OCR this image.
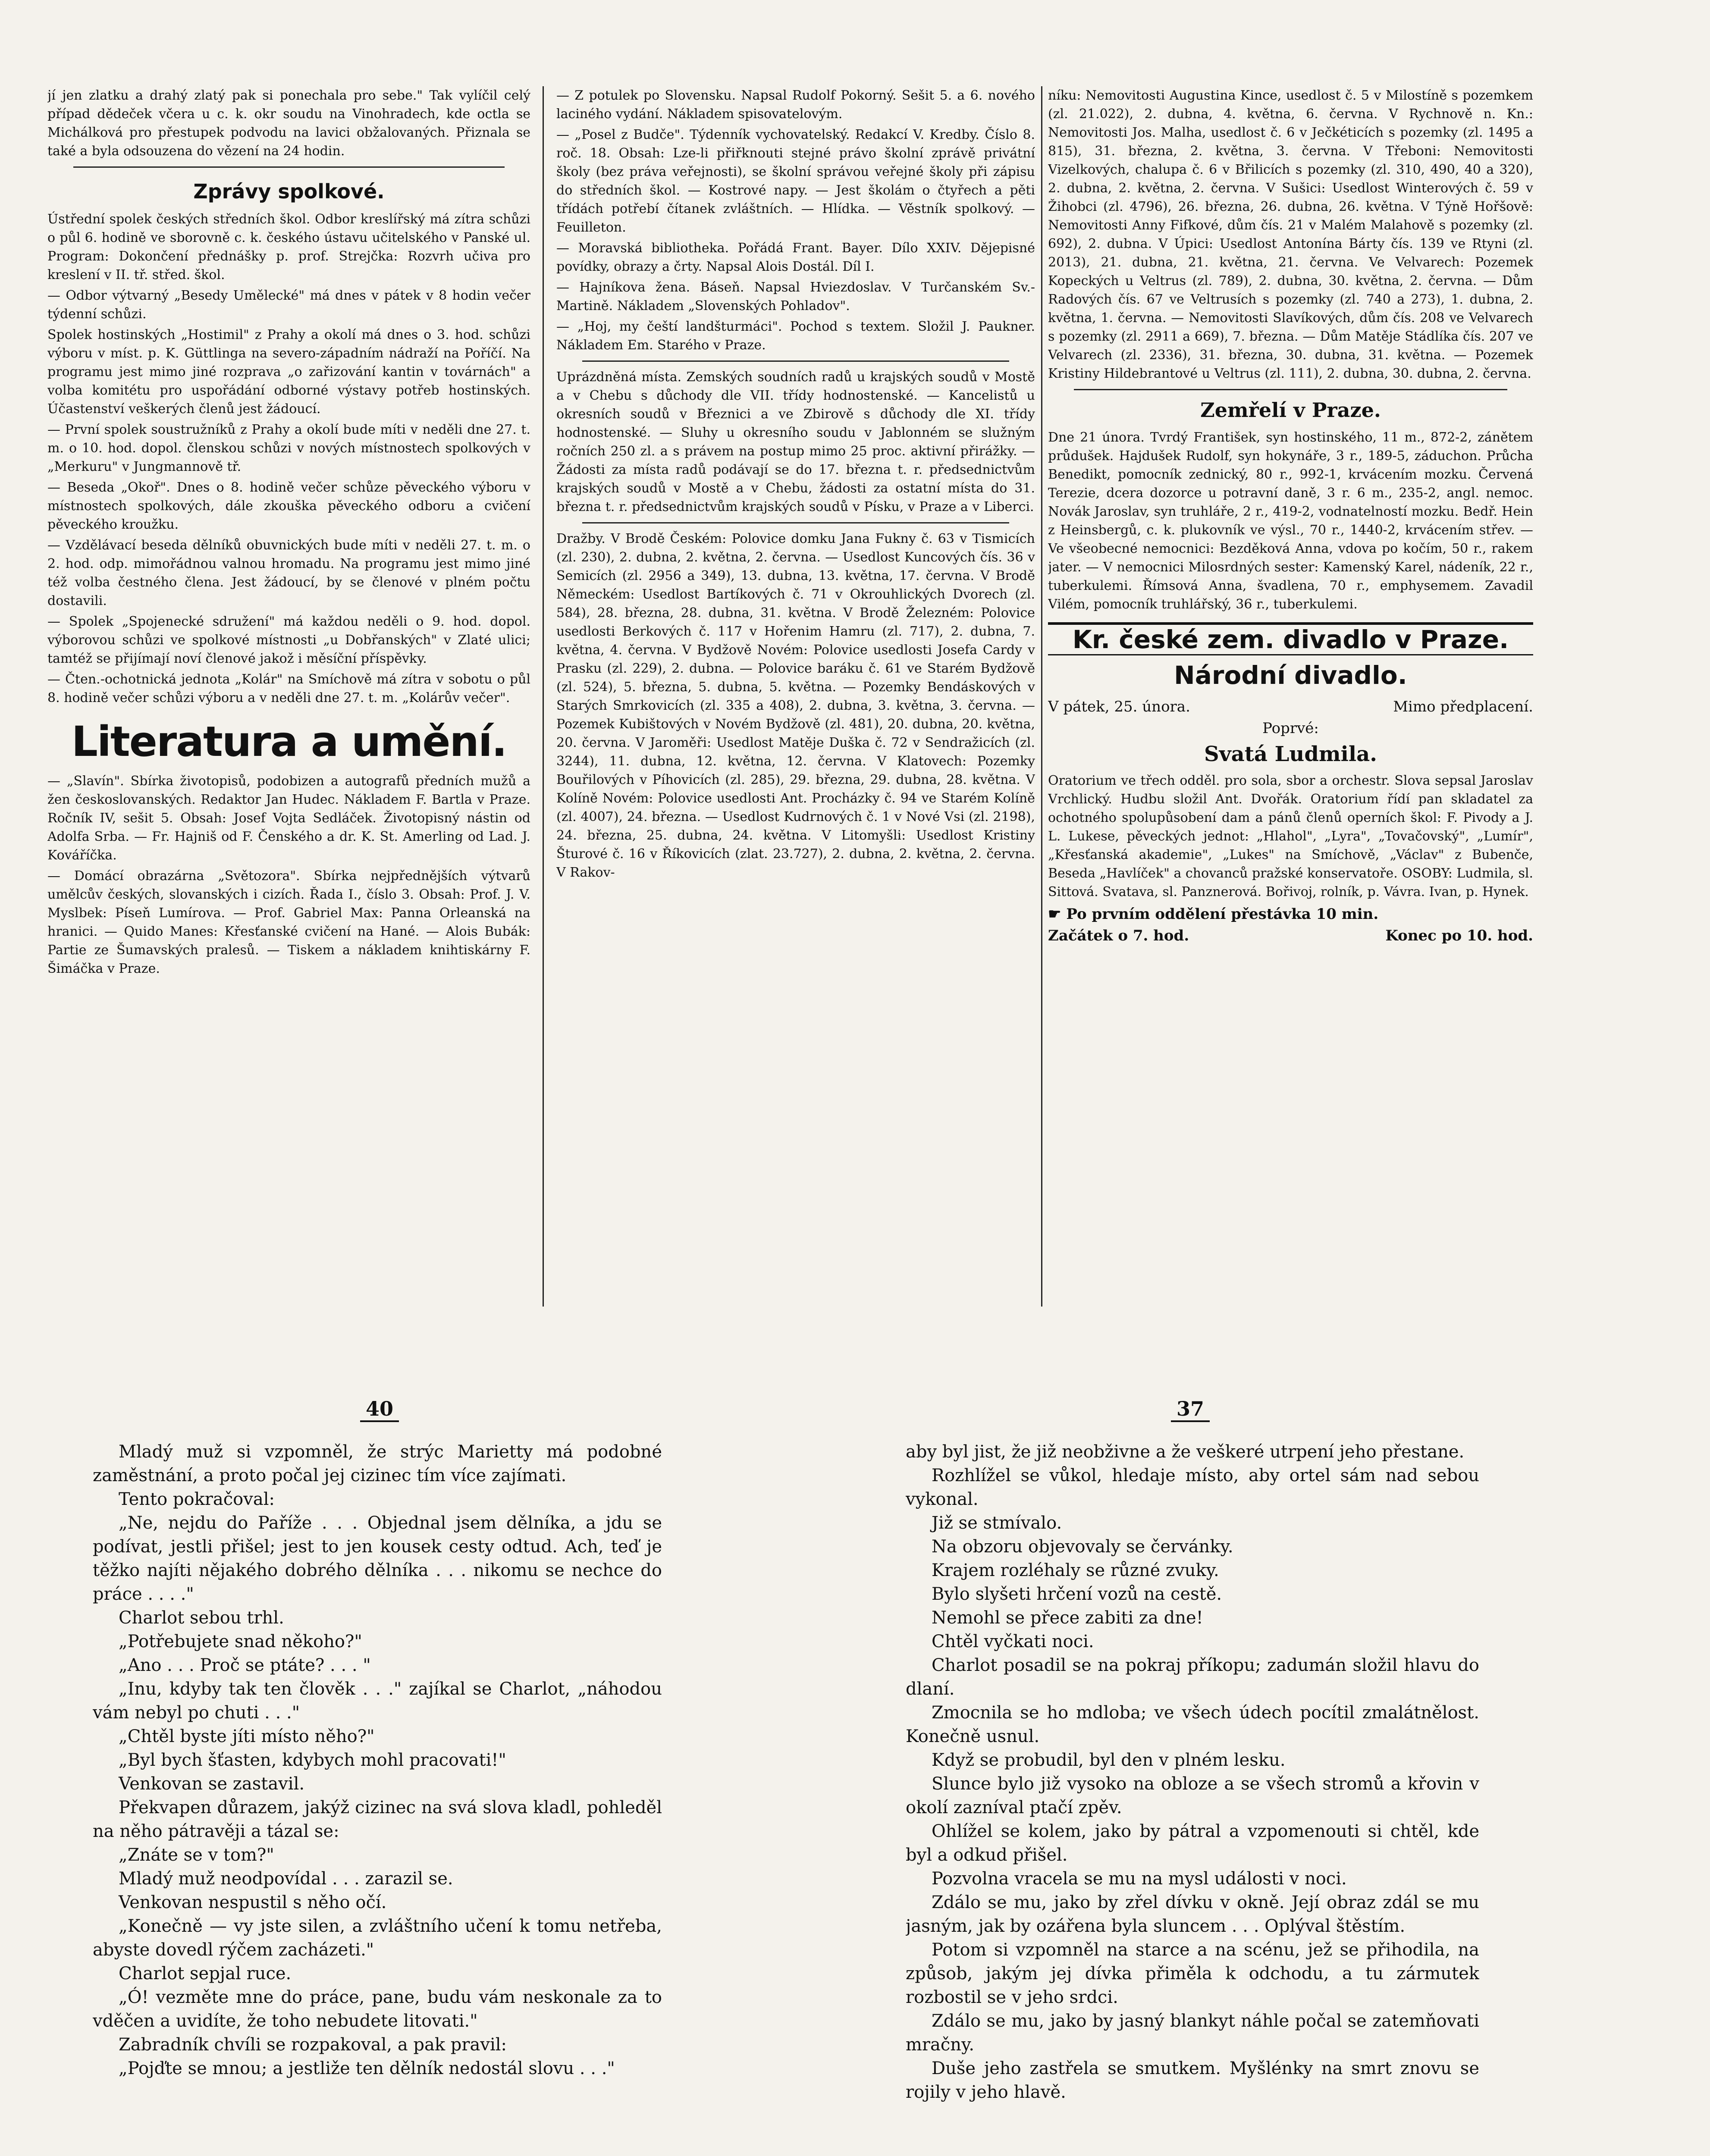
jí jen zlatku a drahý zlatý pak si ponechala pro sebe." Tak vylíčil celý případ dědeček včera u c. k. okr soudu na Vinohradech, kde octla se Michálková pro přestupek podvodu na lavici obžalovaných. Přiznala se také a byla odsouzena do vězení na 24 hodin.

Zprávy spolkové.

Ústřední spolek českých středních škol. Odbor kreslířský má zítra schůzi o půl 6. hodině ve sborovně c. k. českého ústavu učitelského v Panské ul. Program: Dokončení přednášky p. prof. Strejčka: Rozvrh učiva pro kreslení v II. tř. střed. škol.

— Odbor výtvarný „Besedy Umělecké" má dnes v pátek v 8 hodin večer týdenní schůzi.

Spolek hostinských „Hostimil" z Prahy a okolí má dnes o 3. hod. schůzi výboru v míst. p. K. Güttlinga na severo-západním nádraží na Poříčí. Na programu jest mimo jiné rozprava „o zařizování kantin v továrnách" a volba komitétu pro uspořádání odborné výstavy potřeb hostinských. Účastenství veškerých členů jest žádoucí.

— První spolek soustružníků z Prahy a okolí bude míti v neděli dne 27. t. m. o 10. hod. dopol. členskou schůzi v nových místnostech spolkových v „Merkuru" v Jungmannově tř.

— Beseda „Okoř". Dnes o 8. hodině večer schůze pěveckého výboru v místnostech spolkových, dále zkouška pěveckého odboru a cvičení pěveckého kroužku.

— Vzdělávací beseda dělníků obuvnických bude míti v neděli 27. t. m. o 2. hod. odp. mimořádnou valnou hromadu. Na programu jest mimo jiné též volba čestného člena. Jest žádoucí, by se členové v plném počtu dostavili.

— Spolek „Spojenecké sdružení" má každou neděli o 9. hod. dopol. výborovou schůzi ve spolkové místnosti „u Dobřanských" v Zlaté ulici; tamtéž se přijímají noví členové jakož i měsíční příspěvky.

— Čten.-ochotnická jednota „Kolár" na Smíchově má zítra v sobotu o půl 8. hodině večer schůzi výboru a v neděli dne 27. t. m. „Kolárův večer".

Literatura a umění.

— „Slavín". Sbírka životopisů, podobizen a autografů předních mužů a žen českoslovanských. Redaktor Jan Hudec. Nákladem F. Bartla v Praze. Ročník IV, sešit 5. Obsah: Josef Vojta Sedláček. Životopisný nástin od Adolfa Srba. — Fr. Hajniš od F. Čenského a dr. K. St. Amerling od Lad. J. Kováříčka.

— Domácí obrazárna „Světozora". Sbírka nejpřednějších výtvarů umělcův českých, slovanských i cizích. Řada I., číslo 3. Obsah: Prof. J. V. Myslbek: Píseň Lumírova. — Prof. Gabriel Max: Panna Orleanská na hranici. — Quido Manes: Křesťanské cvičení na Hané. — Alois Bubák: Partie ze Šumavských pralesů. — Tiskem a nákladem knihtiskárny F. Šimáčka v Praze.

— Z potulek po Slovensku. Napsal Rudolf Pokorný. Sešit 5. a 6. nového laciného vydání. Nákladem spisovatelovým.

— „Posel z Budče". Týdenník vychovatelský. Redakcí V. Kredby. Číslo 8. roč. 18. Obsah: Lze-li přiřknouti stejné právo školní zprávě privátní školy (bez práva veřejnosti), se školní správou veřejné školy při zápisu do středních škol. — Kostrové napy. — Jest školám o čtyřech a pěti třídách potřebí čítanek zvláštních. — Hlídka. — Věstník spolkový. — Feuilleton.

— Moravská bibliotheka. Pořádá Frant. Bayer. Dílo XXIV. Dějepisné povídky, obrazy a črty. Napsal Alois Dostál. Díl I.

— Hajníkova žena. Báseň. Napsal Hviezdoslav. V Turčanském Sv.-Martině. Nákladem „Slovenských Pohladov".

— „Hoj, my čeští landšturmáci". Pochod s textem. Složil J. Paukner. Nákladem Em. Starého v Praze.

Uprázdněná místa. Zemských soudních radů u krajských soudů v Mostě a v Chebu s důchody dle VII. třídy hodnostenské. — Kancelistů u okresních soudů v Březnici a ve Zbirově s důchody dle XI. třídy hodnostenské. — Sluhy u okresního soudu v Jablonném se služným ročních 250 zl. a s právem na postup mimo 25 proc. aktivní přirážky. — Žádosti za místa radů podávají se do 17. března t. r. předsednictvům krajských soudů v Mostě a v Chebu, žádosti za ostatní místa do 31. března t. r. předsednictvům krajských soudů v Písku, v Praze a v Liberci.

Dražby. V Brodě Českém: Polovice domku Jana Fukny č. 63 v Tismicích (zl. 230), 2. dubna, 2. května, 2. června. — Usedlost Kuncových čís. 36 v Semicích (zl. 2956 a 349), 13. dubna, 13. května, 17. června. V Brodě Německém: Usedlost Bartíkových č. 71 v Okrouhlických Dvorech (zl. 584), 28. března, 28. dubna, 31. května. V Brodě Železném: Polovice usedlosti Berkových č. 117 v Hořenim Hamru (zl. 717), 2. dubna, 7. května, 4. června. V Bydžově Novém: Polovice usedlosti Josefa Cardy v Prasku (zl. 229), 2. dubna. — Polovice baráku č. 61 ve Starém Bydžově (zl. 524), 5. března, 5. dubna, 5. května. — Pozemky Bendáskových v Starých Smrkovicích (zl. 335 a 408), 2. dubna, 3. května, 3. června. — Pozemek Kubištových v Novém Bydžově (zl. 481), 20. dubna, 20. května, 20. června. V Jaroměři: Usedlost Matěje Duška č. 72 v Sendražicích (zl. 3244), 11. dubna, 12. května, 12. června. V Klatovech: Pozemky Bouřilových v Píhovicích (zl. 285), 29. března, 29. dubna, 28. května. V Kolíně Novém: Polovice usedlosti Ant. Procházky č. 94 ve Starém Kolíně (zl. 4007), 24. března. — Usedlost Kudrnových č. 1 v Nové Vsi (zl. 2198), 24. března, 25. dubna, 24. května. V Litomyšli: Usedlost Kristiny Šturové č. 16 v Říkovicích (zlat. 23.727), 2. dubna, 2. května, 2. června. V Rakov-

níku: Nemovitosti Augustina Kince, usedlost č. 5 v Milostíně s pozemkem (zl. 21.022), 2. dubna, 4. května, 6. června. V Rychnově n. Kn.: Nemovitosti Jos. Malha, usedlost č. 6 v Ječkéticích s pozemky (zl. 1495 a 815), 31. března, 2. května, 3. června. V Třeboni: Nemovitosti Vizelkových, chalupa č. 6 v Břilicích s pozemky (zl. 310, 490, 40 a 320), 2. dubna, 2. května, 2. června. V Sušici: Usedlost Winterových č. 59 v Žihobci (zl. 4796), 26. března, 26. dubna, 26. května. V Týně Hořšově: Nemovitosti Anny Fifkové, dům čís. 21 v Malém Malahově s pozemky (zl. 692), 2. dubna. V Úpici: Usedlost Antonína Bárty čís. 139 ve Rtyni (zl. 2013), 21. dubna, 21. května, 21. června. Ve Velvarech: Pozemek Kopeckých u Veltrus (zl. 789), 2. dubna, 30. května, 2. června. — Dům Radových čís. 67 ve Veltrusích s pozemky (zl. 740 a 273), 1. dubna, 2. května, 1. června. — Nemovitosti Slavíkových, dům čís. 208 ve Velvarech s pozemky (zl. 2911 a 669), 7. března. — Dům Matěje Stádlíka čís. 207 ve Velvarech (zl. 2336), 31. března, 30. dubna, 31. května. — Pozemek Kristiny Hildebrantové u Veltrus (zl. 111), 2. dubna, 30. dubna, 2. června.

Zemřelí v Praze.

Dne 21 února. Tvrdý František, syn hostinského, 11 m., 872-2, zánětem průdušek. Hajdušek Rudolf, syn hokynáře, 3 r., 189-5, záduchon. Průcha Benedikt, pomocník zednický, 80 r., 992-1, krvácením mozku. Červená Terezie, dcera dozorce u potravní daně, 3 r. 6 m., 235-2, angl. nemoc. Novák Jaroslav, syn truhláře, 2 r., 419-2, vodnatelností mozku. Bedř. Hein z Heinsbergů, c. k. plukovník ve výsl., 70 r., 1440-2, krvácením střev. — Ve všeobecné nemocnici: Bezděková Anna, vdova po kočím, 50 r., rakem jater. — V nemocnici Milosrdných sester: Kamenský Karel, nádeník, 22 r., tuberkulemi. Římsová Anna, švadlena, 70 r., emphysemem. Zavadil Vilém, pomocník truhlářský, 36 r., tuberkulemi.

Kr. české zem. divadlo v Praze.
Národní divadlo.
V pátek, 25. února.	Mimo předplacení.
Poprvé:

Svatá Ludmila.

Oratorium ve třech odděl. pro sola, sbor a orchestr. Slova sepsal Jaroslav Vrchlický. Hudbu složil Ant. Dvořák. Oratorium řídí pan skladatel za ochotného spolupůsobení dam a pánů členů operních škol: F. Pivody a J. L. Lukese, pěveckých jednot: „Hlahol", „Lyra", „Tovačovský", „Lumír", „Křesťanská akademie", „Lukes" na Smíchově, „Václav" z Bubenče, Beseda „Havlíček" a chovanců pražské konservatoře. OSOBY: Ludmila, sl. Sittová. Svatava, sl. Panznerová. Bořivoj, rolník, p. Vávra. Ivan, p. Hynek.

☛ Po prvním oddělení přestávka 10 min.
Začátek o 7. hod.	Konec po 10. hod.
40	37

Mladý muž si vzpomněl, že strýc Marietty má podobné zaměstnání, a proto počal jej cizinec tím více zajímati.

Tento pokračoval:

„Ne, nejdu do Paříže . . . Objednal jsem dělníka, a jdu se podívat, jestli přišel; jest to jen kousek cesty odtud. Ach, teď je těžko najíti nějakého dobrého dělníka . . . nikomu se nechce do práce . . . ."

Charlot sebou trhl.

„Potřebujete snad někoho?"

„Ano . . . Proč se ptáte? . . . "

„Inu, kdyby tak ten člověk . . ." zajíkal se Charlot, „náhodou vám nebyl po chuti . . ."

„Chtěl byste jíti místo něho?"

„Byl bych šťasten, kdybych mohl pracovati!"

Venkovan se zastavil.

Překvapen důrazem, jakýž cizinec na svá slova kladl, pohleděl na něho pátravěji a tázal se:

„Znáte se v tom?"

Mladý muž neodpovídal . . . zarazil se.

Venkovan nespustil s něho očí.

„Konečně — vy jste silen, a zvláštního učení k tomu netřeba, abyste dovedl rýčem zacházeti."

Charlot sepjal ruce.

„Ó! vezměte mne do práce, pane, budu vám neskonale za to vděčen a uvidíte, že toho nebudete litovati."

Zabradník chvíli se rozpakoval, a pak pravil:

„Pojďte se mnou; a jestliže ten dělník nedostál slovu . . ."

aby byl jist, že již neobživne a že veškeré utrpení jeho přestane.

Rozhlížel se vůkol, hledaje místo, aby ortel sám nad sebou vykonal.

Již se stmívalo.

Na obzoru objevovaly se červánky.

Krajem rozléhaly se různé zvuky.

Bylo slyšeti hrčení vozů na cestě.

Nemohl se přece zabiti za dne!

Chtěl vyčkati noci.

Charlot posadil se na pokraj příkopu; zadumán složil hlavu do dlaní.

Zmocnila se ho mdloba; ve všech údech pocítil zmalátnělost. Konečně usnul.

Když se probudil, byl den v plném lesku.

Slunce bylo již vysoko na obloze a se všech stromů a křovin v okolí zazníval ptačí zpěv.

Ohlížel se kolem, jako by pátral a vzpomenouti si chtěl, kde byl a odkud přišel.

Pozvolna vracela se mu na mysl události v noci.

Zdálo se mu, jako by zřel dívku v okně. Její obraz zdál se mu jasným, jak by ozářena byla sluncem . . . Oplýval štěstím.

Potom si vzpomněl na starce a na scénu, jež se přihodila, na způsob, jakým jej dívka přiměla k odchodu, a tu zármutek rozbostil se v jeho srdci.

Zdálo se mu, jako by jasný blankyt náhle počal se zatemňovati mračny.

Duše jeho zastřela se smutkem. Myšlénky na smrt znovu se rojily v jeho hlavě.
